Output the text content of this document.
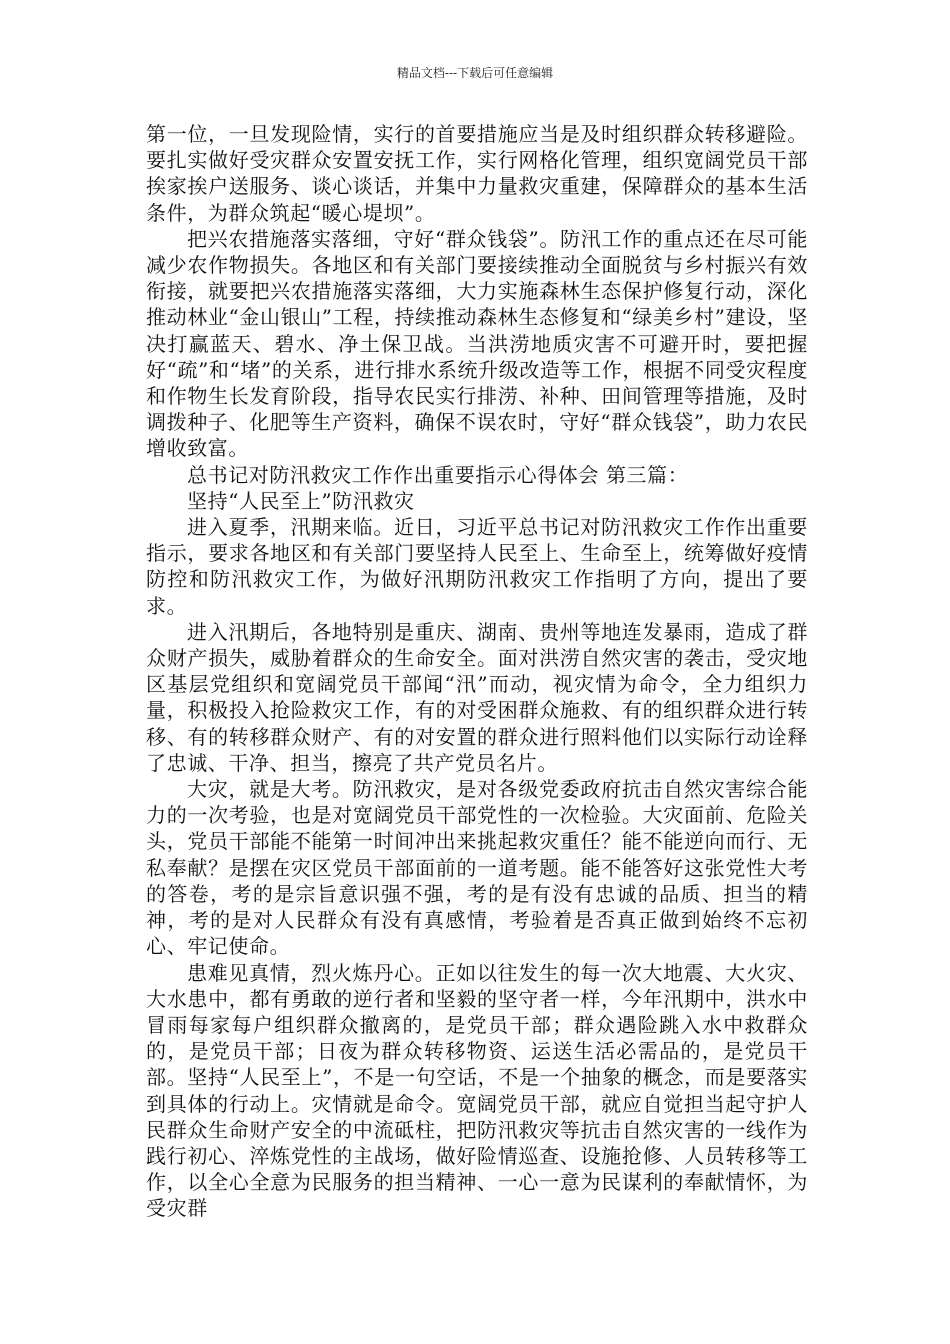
精品文档---下载后可任意编辑

第一位，一旦发现险情，实行的首要措施应当是及时组织群众转移避险。要扎实做好受灾群众安置安抚工作，实行网格化管理，组织宽阔党员干部挨家挨户送服务、谈心谈话，并集中力量救灾重建，保障群众的基本生活条件，为群众筑起“暖心堤坝”。

把兴农措施落实落细，守好“群众钱袋”。防汛工作的重点还在尽可能减少农作物损失。各地区和有关部门要接续推动全面脱贫与乡村振兴有效衔接，就要把兴农措施落实落细，大力实施森林生态保护修复行动，深化推动林业“金山银山”工程，持续推动森林生态修复和“绿美乡村”建设，坚决打赢蓝天、碧水、净土保卫战。当洪涝地质灾害不可避开时，要把握好“疏”和“堵”的关系，进行排水系统升级改造等工作，根据不同受灾程度和作物生长发育阶段，指导农民实行排涝、补种、田间管理等措施，及时调拨种子、化肥等生产资料，确保不误农时，守好“群众钱袋”，助力农民增收致富。

总书记对防汛救灾工作作出重要指示心得体会 第三篇：

坚持“人民至上”防汛救灾

进入夏季，汛期来临。近日，习近平总书记对防汛救灾工作作出重要指示，要求各地区和有关部门要坚持人民至上、生命至上，统筹做好疫情防控和防汛救灾工作，为做好汛期防汛救灾工作指明了方向，提出了要求。

进入汛期后，各地特别是重庆、湖南、贵州等地连发暴雨，造成了群众财产损失，威胁着群众的生命安全。面对洪涝自然灾害的袭击，受灾地区基层党组织和宽阔党员干部闻“汛”而动，视灾情为命令，全力组织力量，积极投入抢险救灾工作，有的对受困群众施救、有的组织群众进行转移、有的转移群众财产、有的对安置的群众进行照料他们以实际行动诠释了忠诚、干净、担当，擦亮了共产党员名片。

大灾，就是大考。防汛救灾，是对各级党委政府抗击自然灾害综合能力的一次考验，也是对宽阔党员干部党性的一次检验。大灾面前、危险关头，党员干部能不能第一时间冲出来挑起救灾重任？能不能逆向而行、无私奉献？是摆在灾区党员干部面前的一道考题。能不能答好这张党性大考的答卷，考的是宗旨意识强不强，考的是有没有忠诚的品质、担当的精神，考的是对人民群众有没有真感情，考验着是否真正做到始终不忘初心、牢记使命。

患难见真情，烈火炼丹心。正如以往发生的每一次大地震、大火灾、大水患中，都有勇敢的逆行者和坚毅的坚守者一样，今年汛期中，洪水中冒雨每家每户组织群众撤离的，是党员干部；群众遇险跳入水中救群众的，是党员干部；日夜为群众转移物资、运送生活必需品的，是党员干部。坚持“人民至上”，不是一句空话，不是一个抽象的概念，而是要落实到具体的行动上。灾情就是命令。宽阔党员干部，就应自觉担当起守护人民群众生命财产安全的中流砥柱，把防汛救灾等抗击自然灾害的一线作为践行初心、淬炼党性的主战场，做好险情巡查、设施抢修、人员转移等工作，以全心全意为民服务的担当精神、一心一意为民谋利的奉献情怀，为受灾群
